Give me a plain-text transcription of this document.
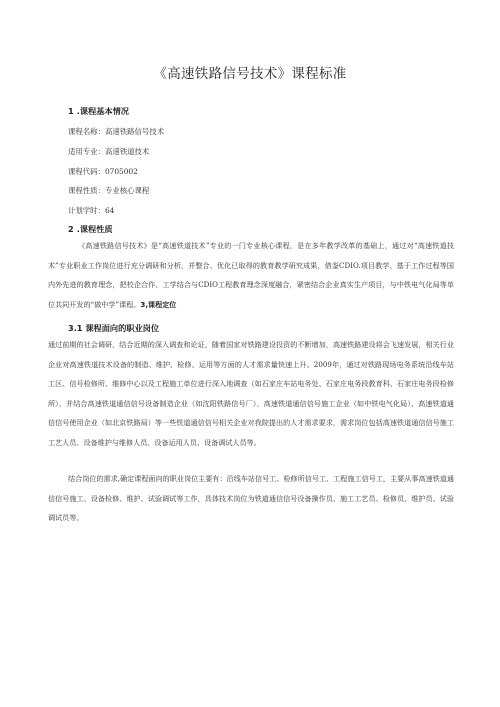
《高速铁路信号技术》课程标准
1 .课程基本情况
课程名称：高速铁路信号技术
适用专业：高速铁道技术
课程代码：0705002
课程性质：专业核心课程
计划学时：64
2 .课程性质
《高速铁路信号技术》是“高速铁道技术”专业的一门专业核心课程，是在多年教学改革的基础上，通过对“高速铁道技术”专业职业工作岗位进行充分调研和分析，并整合、优化已取得的教育教学研究成果，借鉴CDIO.项目教学、基于工作过程等国内外先进的教育理念，把校企合作、工学结合与CDIO工程教育理念深度融合，紧密结合企业真实生产项目，与中铁电气化局等单位共同开发的“做中学”课程。3,课程定位
3.1 课程面向的职业岗位
通过前期的社会调研，结合近期的深入调查和论证，随着国家对铁路建设投资的不断增加，高速铁路建设将会飞速发展，相关行业企业对高速铁道技术设备的制造、维护、检修、运用等方面的人才需求量快速上升。2009年，通过对铁路现场电务系统沿线车站工区、信号检修所、维修中心以及工程施工单位进行深入地调查（如石家庄车站电务处、石家庄电务段教育科、石家庄电务段检修所），并结合高速铁道通信信号设备制造企业（如沈阳铁路信号厂）、高速铁道通信信号施工企业（如中铁电气化局）、高速铁道通信信号使用企业（如北京铁路局）等一些铁道通信信号相关企业对我院提出的人才需求要求，需求岗位包括高速铁道通信信号施工工艺人员、设备维护与维修人员、设备运用人员、设备调试人员等。
结合岗位的需求,确定课程面向的职业岗位主要有：沿线车站信号工、检修所信号工、工程施工信号工，主要从事高速铁道通信信号施工、设备检修、维护、试验调试等工作，具体技术岗位为铁道通信信号设备操作员、施工工艺员、检修员、维护员、试验调试员等。
